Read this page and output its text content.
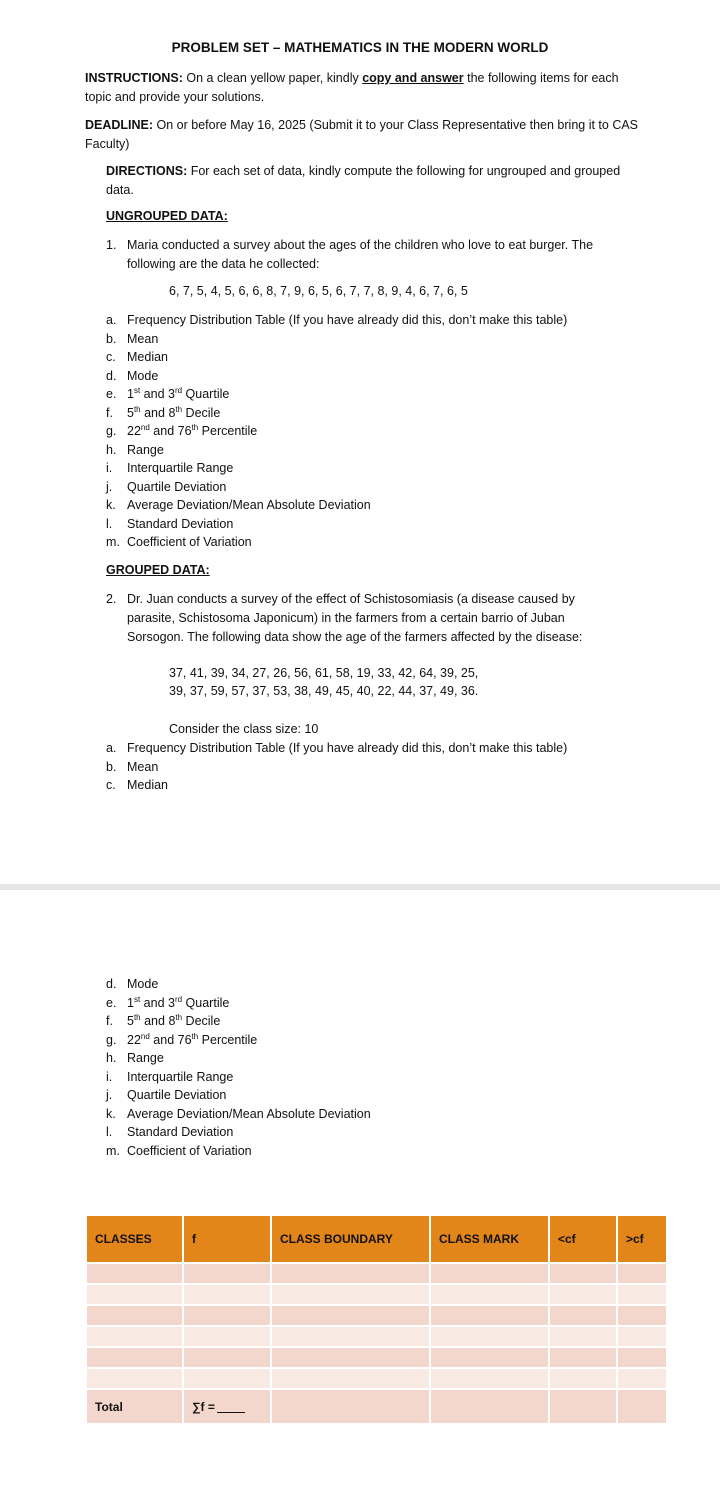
PROBLEM SET – MATHEMATICS IN THE MODERN WORLD
INSTRUCTIONS: On a clean yellow paper, kindly copy and answer the following items for each topic and provide your solutions.
DEADLINE: On or before May 16, 2025 (Submit it to your Class Representative then bring it to CAS Faculty)
DIRECTIONS: For each set of data, kindly compute the following for ungrouped and grouped data.
UNGROUPED DATA:
1. Maria conducted a survey about the ages of the children who love to eat burger. The following are the data he collected:
6, 7, 5, 4, 5, 6, 6, 8, 7, 9, 6, 5, 6, 7, 7, 8, 9, 4, 6, 7, 6, 5
a. Frequency Distribution Table (If you have already did this, don’t make this table)
b. Mean
c. Median
d. Mode
e. 1st and 3rd Quartile
f. 5th and 8th Decile
g. 22nd and 76th Percentile
h. Range
i. Interquartile Range
j. Quartile Deviation
k. Average Deviation/Mean Absolute Deviation
l. Standard Deviation
m. Coefficient of Variation
GROUPED DATA:
2. Dr. Juan conducts a survey of the effect of Schistosomiasis (a disease caused by parasite, Schistosoma Japonicum) in the farmers from a certain barrio of Juban Sorsogon. The following data show the age of the farmers affected by the disease:
37, 41, 39, 34, 27, 26, 56, 61, 58, 19, 33, 42, 64, 39, 25,
39, 37, 59, 57, 37, 53, 38, 49, 45, 40, 22, 44, 37, 49, 36.
Consider the class size: 10
a. Frequency Distribution Table (If you have already did this, don’t make this table)
b. Mean
c. Median
d. Mode
e. 1st and 3rd Quartile
f. 5th and 8th Decile
g. 22nd and 76th Percentile
h. Range
i. Interquartile Range
j. Quartile Deviation
k. Average Deviation/Mean Absolute Deviation
l. Standard Deviation
m. Coefficient of Variation
CLASSES	f	CLASS BOUNDARY	CLASS MARK	<cf	>cf

Total	∑f =				
